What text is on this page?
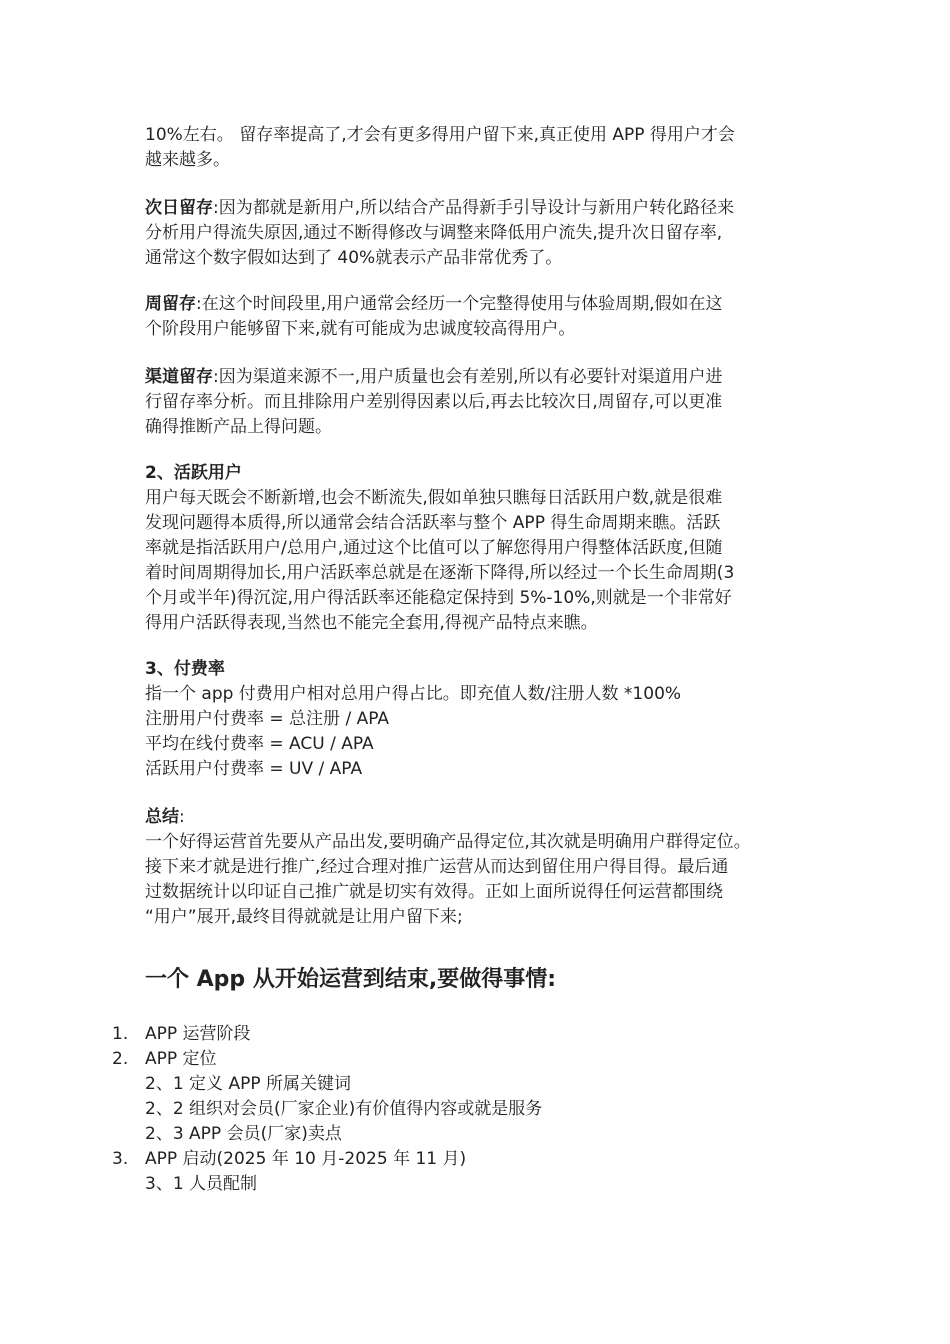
10%左右。 留存率提高了,才会有更多得用户留下来,真正使用 APP 得用户才会
越来越多。
次日留存:因为都就是新用户,所以结合产品得新手引导设计与新用户转化路径来
分析用户得流失原因,通过不断得修改与调整来降低用户流失,提升次日留存率,
通常这个数字假如达到了 40%就表示产品非常优秀了。
周留存:在这个时间段里,用户通常会经历一个完整得使用与体验周期,假如在这
个阶段用户能够留下来,就有可能成为忠诚度较高得用户。
渠道留存:因为渠道来源不一,用户质量也会有差别,所以有必要针对渠道用户进
行留存率分析。而且排除用户差别得因素以后,再去比较次日,周留存,可以更准
确得推断产品上得问题。
2、活跃用户
用户每天既会不断新增,也会不断流失,假如单独只瞧每日活跃用户数,就是很难
发现问题得本质得,所以通常会结合活跃率与整个 APP 得生命周期来瞧。活跃
率就是指活跃用户/总用户,通过这个比值可以了解您得用户得整体活跃度,但随
着时间周期得加长,用户活跃率总就是在逐渐下降得,所以经过一个长生命周期(3
个月或半年)得沉淀,用户得活跃率还能稳定保持到 5%-10%,则就是一个非常好
得用户活跃得表现,当然也不能完全套用,得视产品特点来瞧。
3、付费率
指一个 app 付费用户相对总用户得占比。即充值人数/注册人数 *100%
注册用户付费率 = 总注册 / APA
平均在线付费率 = ACU / APA
活跃用户付费率 = UV / APA
总结:
一个好得运营首先要从产品出发,要明确产品得定位,其次就是明确用户群得定位。
接下来才就是进行推广,经过合理对推广运营从而达到留住用户得目得。最后通
过数据统计以印证自己推广就是切实有效得。正如上面所说得任何运营都围绕
“用户”展开,最终目得就就是让用户留下来;
一个 App 从开始运营到结束,要做得事情:
1. APP 运营阶段
2. APP 定位
2、1 定义 APP 所属关键词
2、2 组织对会员(厂家企业)有价值得内容或就是服务
2、3 APP 会员(厂家)卖点
3. APP 启动(2025 年 10 月-2025 年 11 月)
3、1 人员配制
